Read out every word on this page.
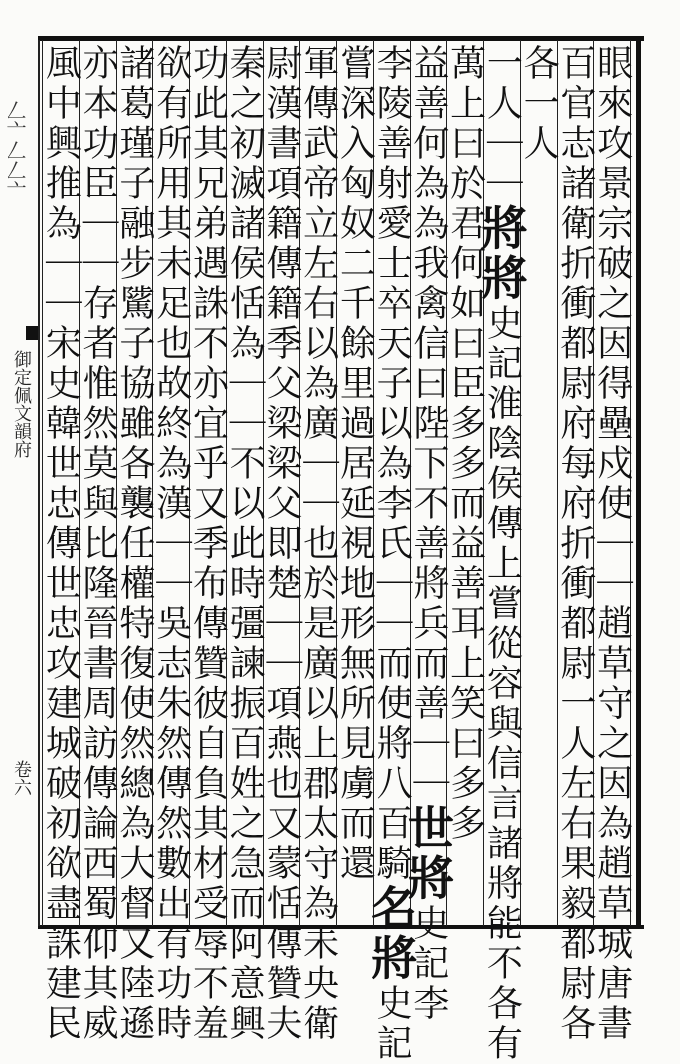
𠃋亠𠃋𠃋亠
御定佩文韻府
卷六	眼來攻景宗破之因得壘戍使｜｜趙草守之因為趙草城唐書
百官志諸衛折衝都尉府每府折衝都尉一人左右果毅都尉各
各一人
一人｜｜將將史記淮陰侯傳上嘗從容與信言諸將能不各有
萬上曰於君何如曰臣多多而益善耳上笑曰多多
益善何為為我禽信曰陛下不善將兵而善｜｜世將史記李
李陵善射愛士卒天子以為李氏｜｜而使將八百騎名將史記
嘗深入匈奴二千餘里過居延視地形無所見虜而還
軍傳武帝立左右以為廣｜｜也於是廣以上郡太守為未央衛
尉漢書項籍傳籍季父梁梁父即楚｜｜項燕也又蒙恬傳贊夫
秦之初滅諸侯恬為｜｜不以此時彊諫振百姓之急而阿意興
功此其兄弟遇誅不亦宜乎又季布傳贊彼自負其材受辱不羞
欲有所用其未足也故終為漢｜｜吳志朱然傳然數出有功時
諸葛瑾子融步騭子協雖各襲任權特復使然總為大督又陸遜
亦本功臣｜｜存者惟然莫與比隆晉書周訪傳論西蜀仰其威
風中興推為｜｜宋史韓世忠傳世忠攻建城破初欲盡誅建民
